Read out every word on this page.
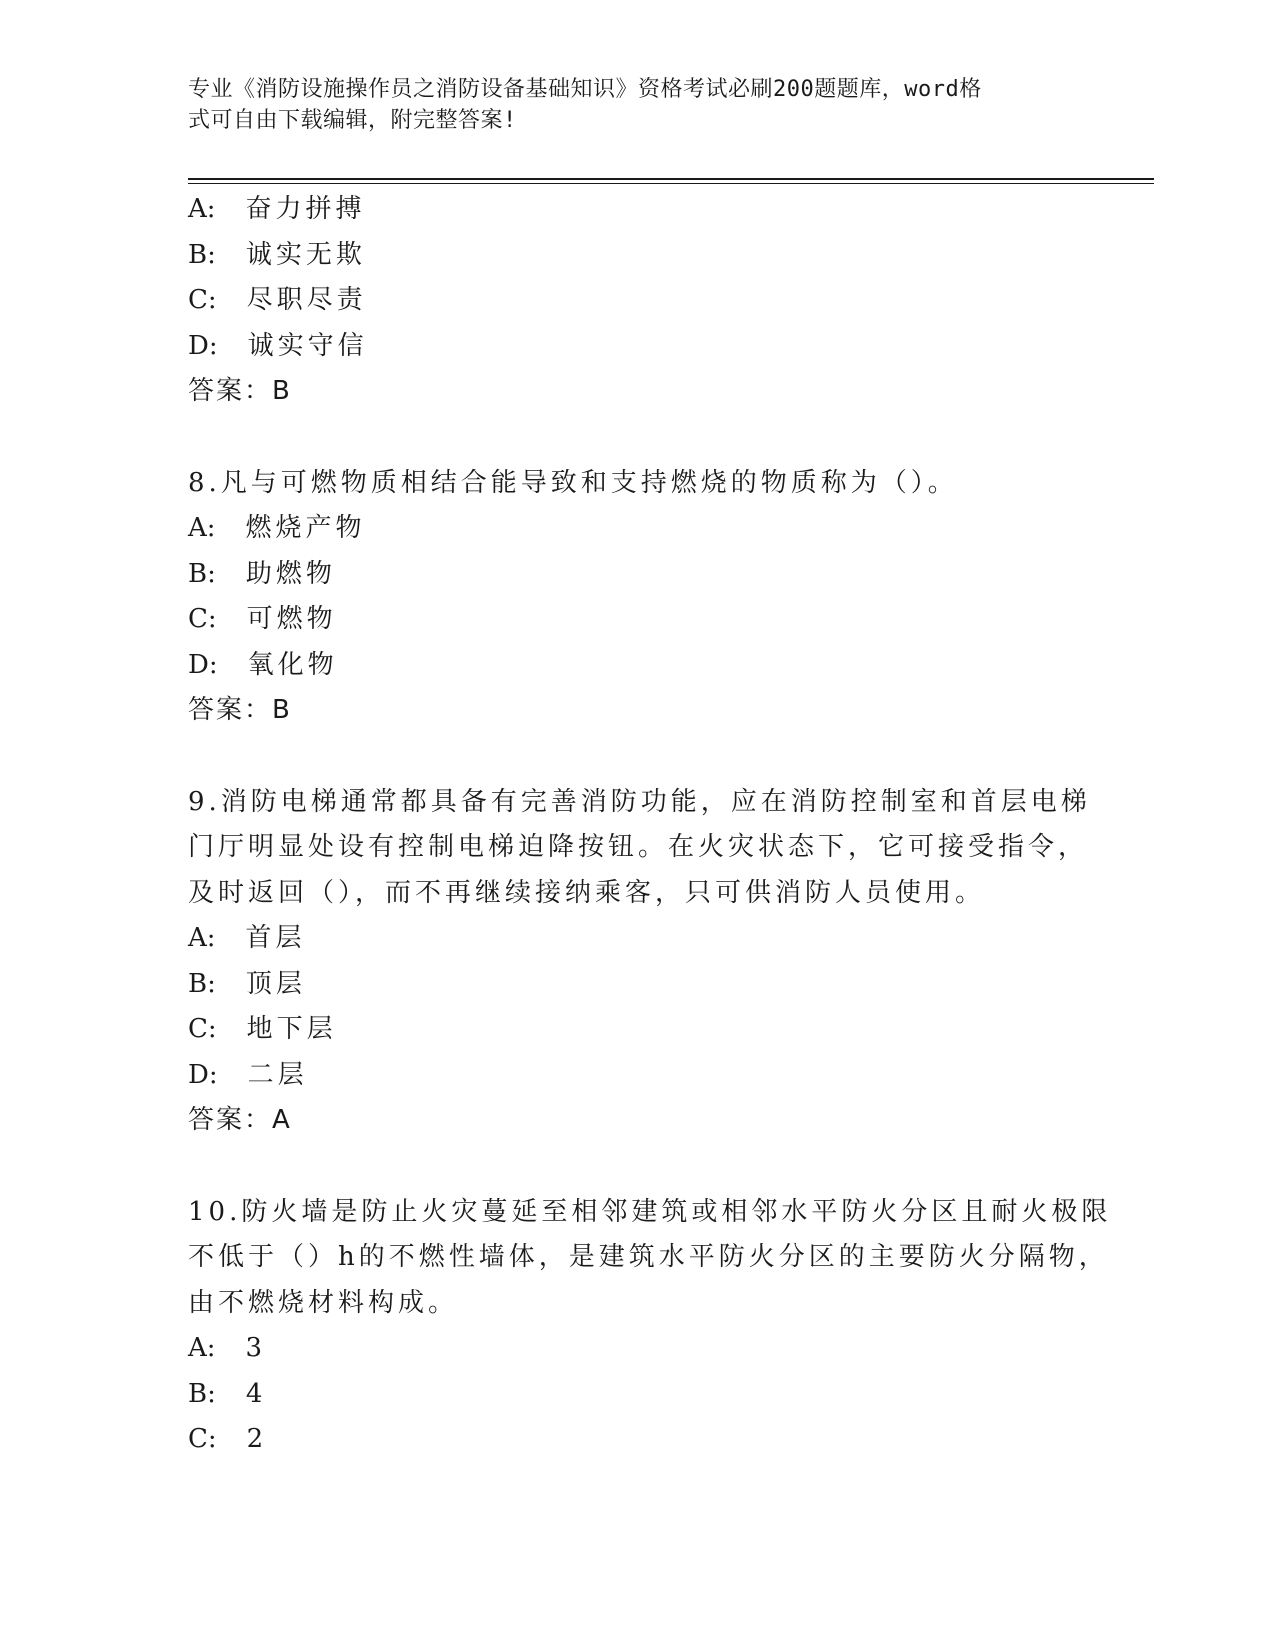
专业《消防设施操作员之消防设备基础知识》资格考试必刷200题题库，word格
式可自由下载编辑，附完整答案!
A: 奋力拼搏
B: 诚实无欺
C: 尽职尽责
D: 诚实守信
答案：B
8.凡与可燃物质相结合能导致和支持燃烧的物质称为（）。
A: 燃烧产物
B: 助燃物
C: 可燃物
D: 氧化物
答案：B
9.消防电梯通常都具备有完善消防功能，应在消防控制室和首层电梯
门厅明显处设有控制电梯迫降按钮。在火灾状态下，它可接受指令，
及时返回（），而不再继续接纳乘客，只可供消防人员使用。
A: 首层
B: 顶层
C: 地下层
D: 二层
答案：A
10.防火墙是防止火灾蔓延至相邻建筑或相邻水平防火分区且耐火极限
不低于（）h的不燃性墙体，是建筑水平防火分区的主要防火分隔物，
由不燃烧材料构成。
A: 3
B: 4
C: 2
